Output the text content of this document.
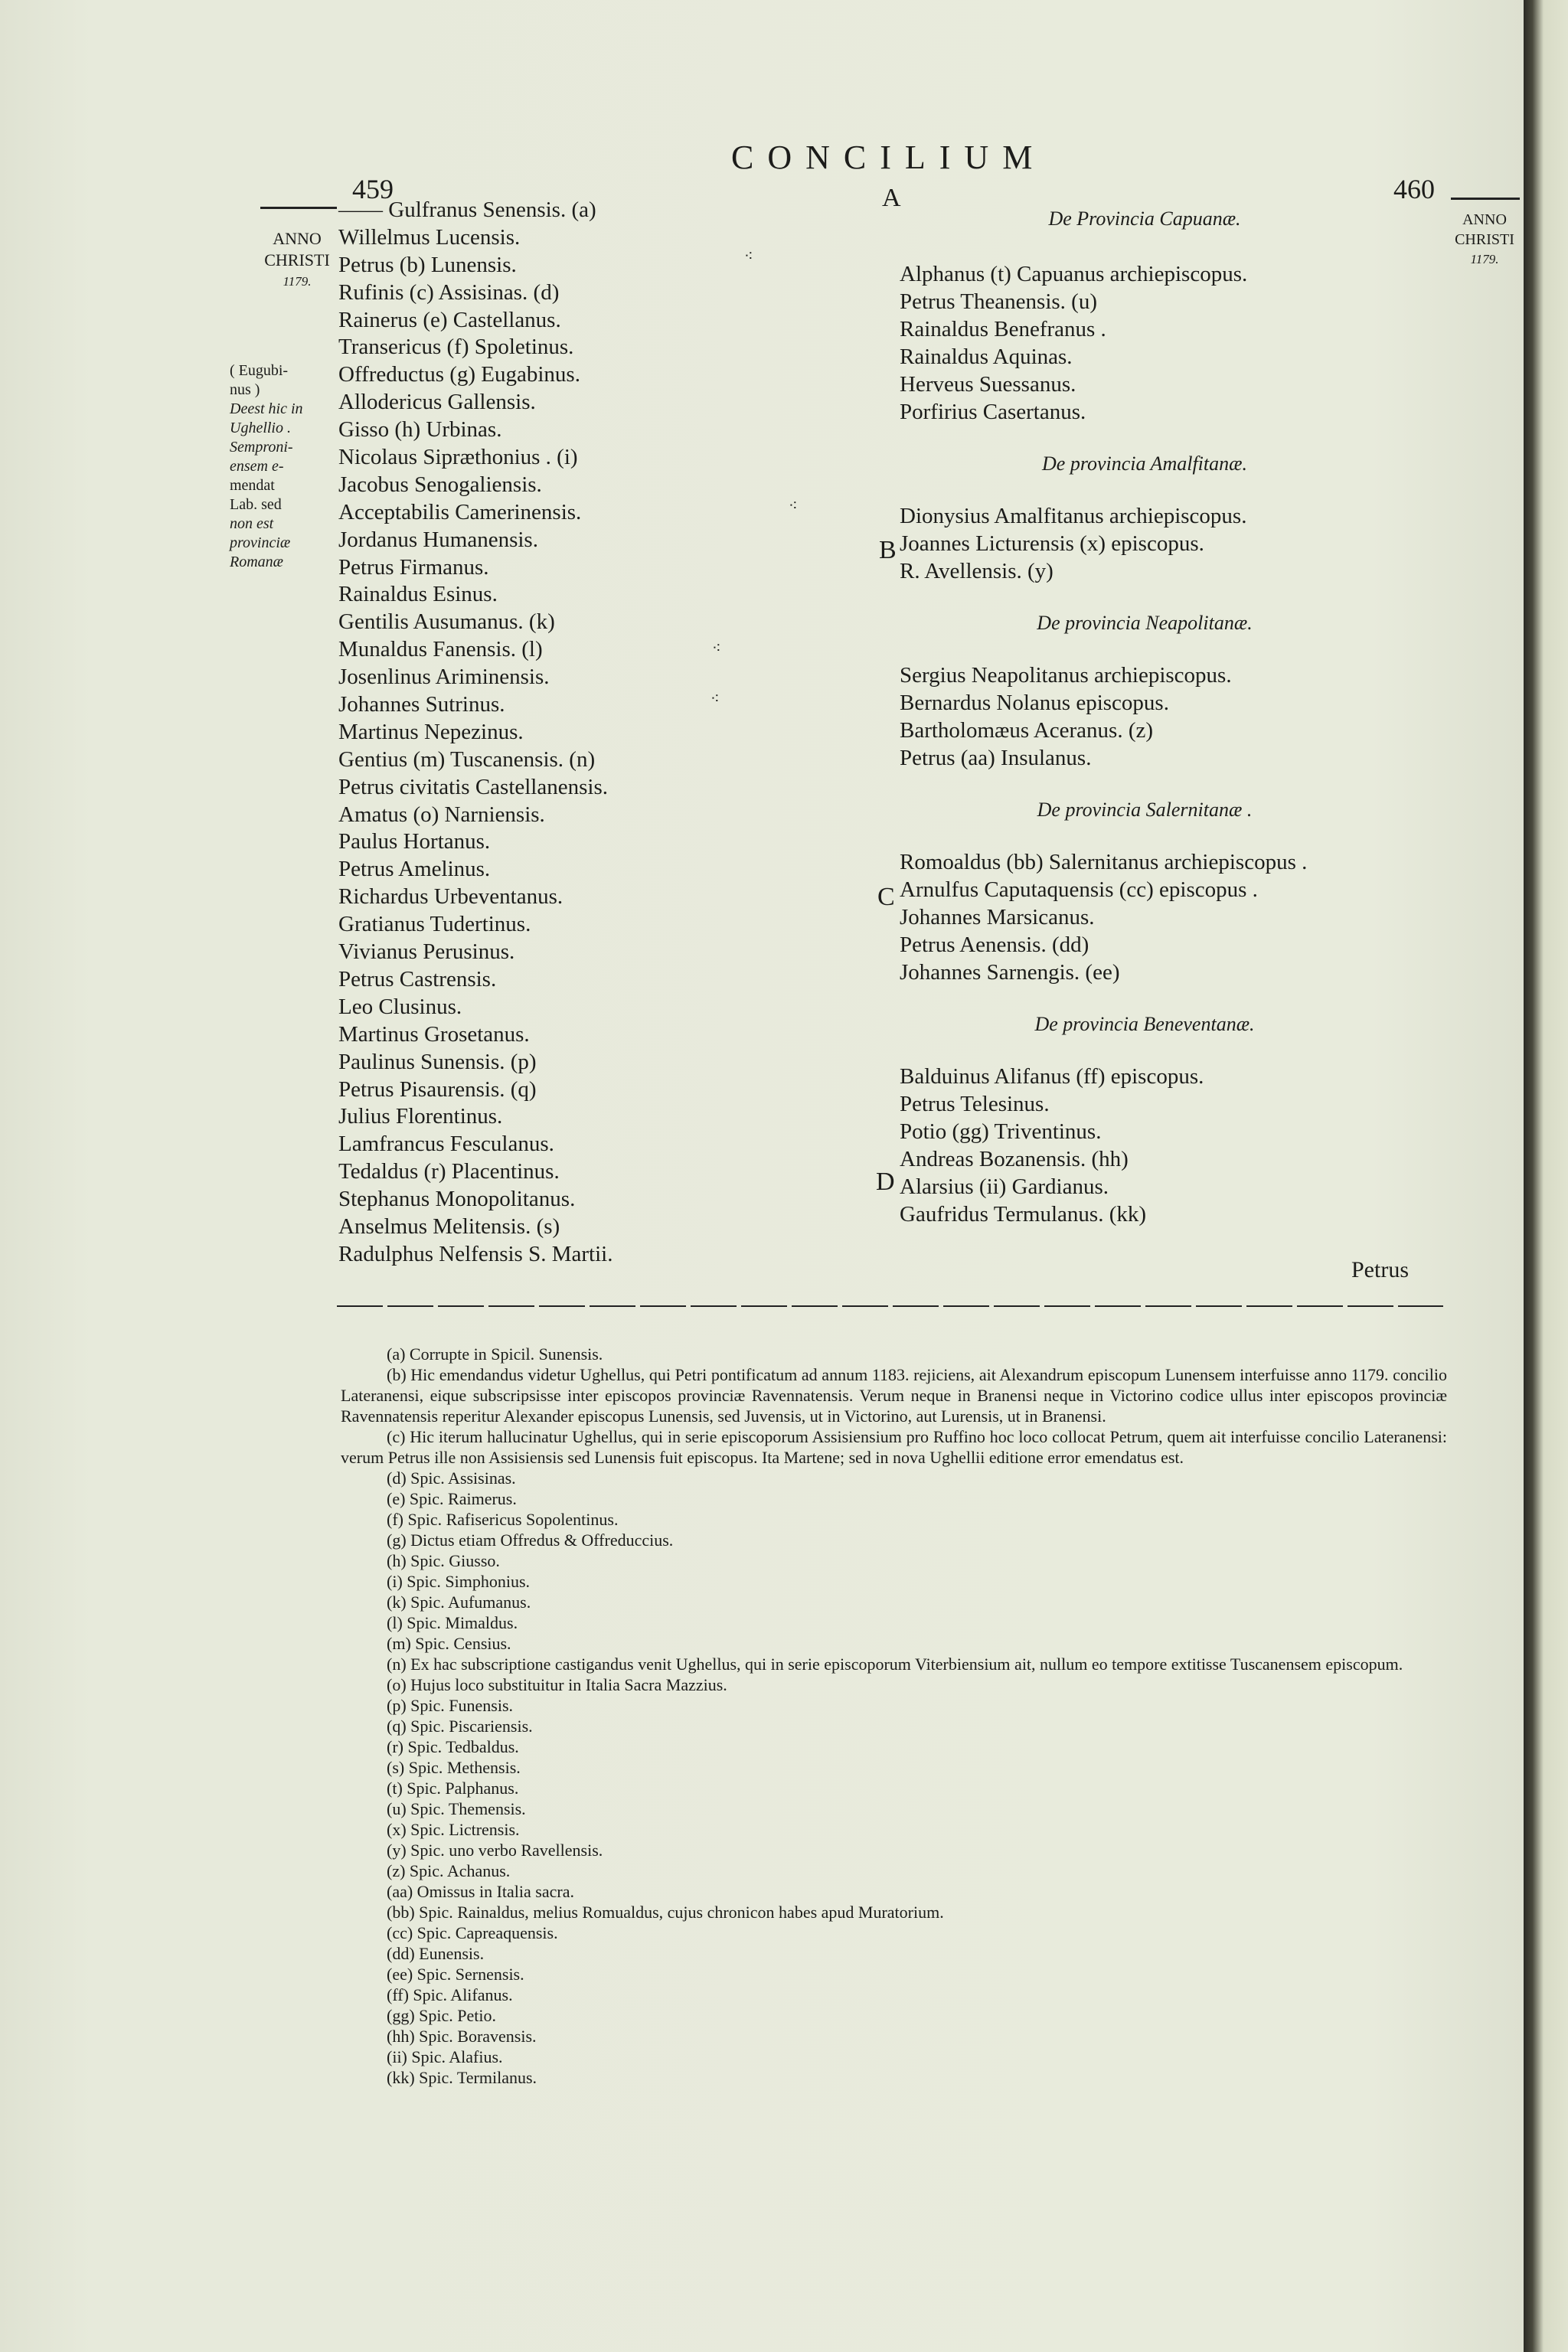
459
CONCILIUM
460
A
B
C
D
ANNO
CHRISTI

1179.
ANNO
CHRISTI

1179.
( Eugubi-
nus )
Deest hic in
Ughellio .
Semproni-
ensem e-
mendat
Lab. sed
non est
provinciæ
Romanæ
⁖
⁖
⁖
⁖
—— Gulfranus Senensis. (a)
Willelmus Lucensis.
Petrus (b) Lunensis.
Rufinis (c) Assisinas. (d)
Rainerus (e) Castellanus.
Transericus (f) Spoletinus.
Offreductus (g) Eugabinus.
Allodericus Gallensis.
Gisso (h) Urbinas.
Nicolaus Sipræthonius . (i)
Jacobus Senogaliensis.
Acceptabilis Camerinensis.
Jordanus Humanensis.
Petrus Firmanus.
Rainaldus Esinus.
Gentilis Ausumanus. (k)
Munaldus Fanensis. (l)
Josenlinus Ariminensis.
Johannes Sutrinus.
Martinus Nepezinus.
Gentius (m) Tuscanensis. (n)
Petrus civitatis Castellanensis.
Amatus (o) Narniensis.
Paulus Hortanus.
Petrus Amelinus.
Richardus Urbeventanus.
Gratianus Tudertinus.
Vivianus Perusinus.
Petrus Castrensis.
Leo Clusinus.
Martinus Grosetanus.
Paulinus Sunensis. (p)
Petrus Pisaurensis. (q)
Julius Florentinus.
Lamfrancus Fesculanus.
Tedaldus (r) Placentinus.
Stephanus Monopolitanus.
Anselmus Melitensis. (s)
Radulphus Nelfensis S. Martii.
De Provincia Capuanæ.
Alphanus (t) Capuanus archiepiscopus.
Petrus Theanensis. (u)
Rainaldus Benefranus .
Rainaldus Aquinas.
Herveus Suessanus.
Porfirius Casertanus.
De provincia Amalfitanæ.
Dionysius Amalfitanus archiepiscopus.
Joannes Licturensis (x) episcopus.
R. Avellensis. (y)
De provincia Neapolitanæ.
Sergius Neapolitanus archiepiscopus.
Bernardus Nolanus episcopus.
Bartholomæus Aceranus. (z)
Petrus (aa) Insulanus.
De provincia Salernitanæ .
Romoaldus (bb) Salernitanus archiepiscopus .
Arnulfus Caputaquensis (cc) episcopus .
Johannes Marsicanus.
Petrus Aenensis. (dd)
Johannes Sarnengis. (ee)
De provincia Beneventanæ.
Balduinus Alifanus (ff) episcopus.
Petrus Telesinus.
Potio (gg) Triventinus.
Andreas Bozanensis. (hh)
Alarsius (ii) Gardianus.
Gaufridus Termulanus. (kk)
Petrus
(a) Corrupte in Spicil. Sunensis.

(b) Hic emendandus videtur Ughellus, qui Petri pontificatum ad annum 1183. rejiciens, ait Alexandrum episcopum Lunensem interfuisse anno 1179. concilio Lateranensi, eique subscripsisse inter episcopos provinciæ Ravennatensis. Verum neque in Branensi neque in Victorino codice ullus inter episcopos provinciæ Ravennatensis reperitur Alexander episcopus Lunensis, sed Juvensis, ut in Victorino, aut Lurensis, ut in Branensi.

(c) Hic iterum hallucinatur Ughellus, qui in serie episcoporum Assisiensium pro Ruffino hoc loco collocat Petrum, quem ait interfuisse concilio Lateranensi: verum Petrus ille non Assisiensis sed Lunensis fuit episcopus. Ita Martene; sed in nova Ughellii editione error emendatus est.

(d) Spic. Assisinas.
(e) Spic. Raimerus.
(f) Spic. Rafisericus Sopolentinus.
(g) Dictus etiam Offredus & Offreduccius.
(h) Spic. Giusso.
(i) Spic. Simphonius.
(k) Spic. Aufumanus.
(l) Spic. Mimaldus.
(m) Spic. Censius.

(n) Ex hac subscriptione castigandus venit Ughellus, qui in serie episcoporum Viterbiensium ait, nullum eo tempore extitisse Tuscanensem episcopum.

(o) Hujus loco substituitur in Italia Sacra Mazzius.
(p) Spic. Funensis.
(q) Spic. Piscariensis.
(r) Spic. Tedbaldus.
(s) Spic. Methensis.
(t) Spic. Palphanus.
(u) Spic. Themensis.
(x) Spic. Lictrensis.
(y) Spic. uno verbo Ravellensis.
(z) Spic. Achanus.
(aa) Omissus in Italia sacra.
(bb) Spic. Rainaldus, melius Romualdus, cujus chronicon habes apud Muratorium.
(cc) Spic. Capreaquensis.
(dd) Eunensis.
(ee) Spic. Sernensis.
(ff) Spic. Alifanus.
(gg) Spic. Petio.
(hh) Spic. Boravensis.
(ii) Spic. Alafius.
(kk) Spic. Termilanus.
